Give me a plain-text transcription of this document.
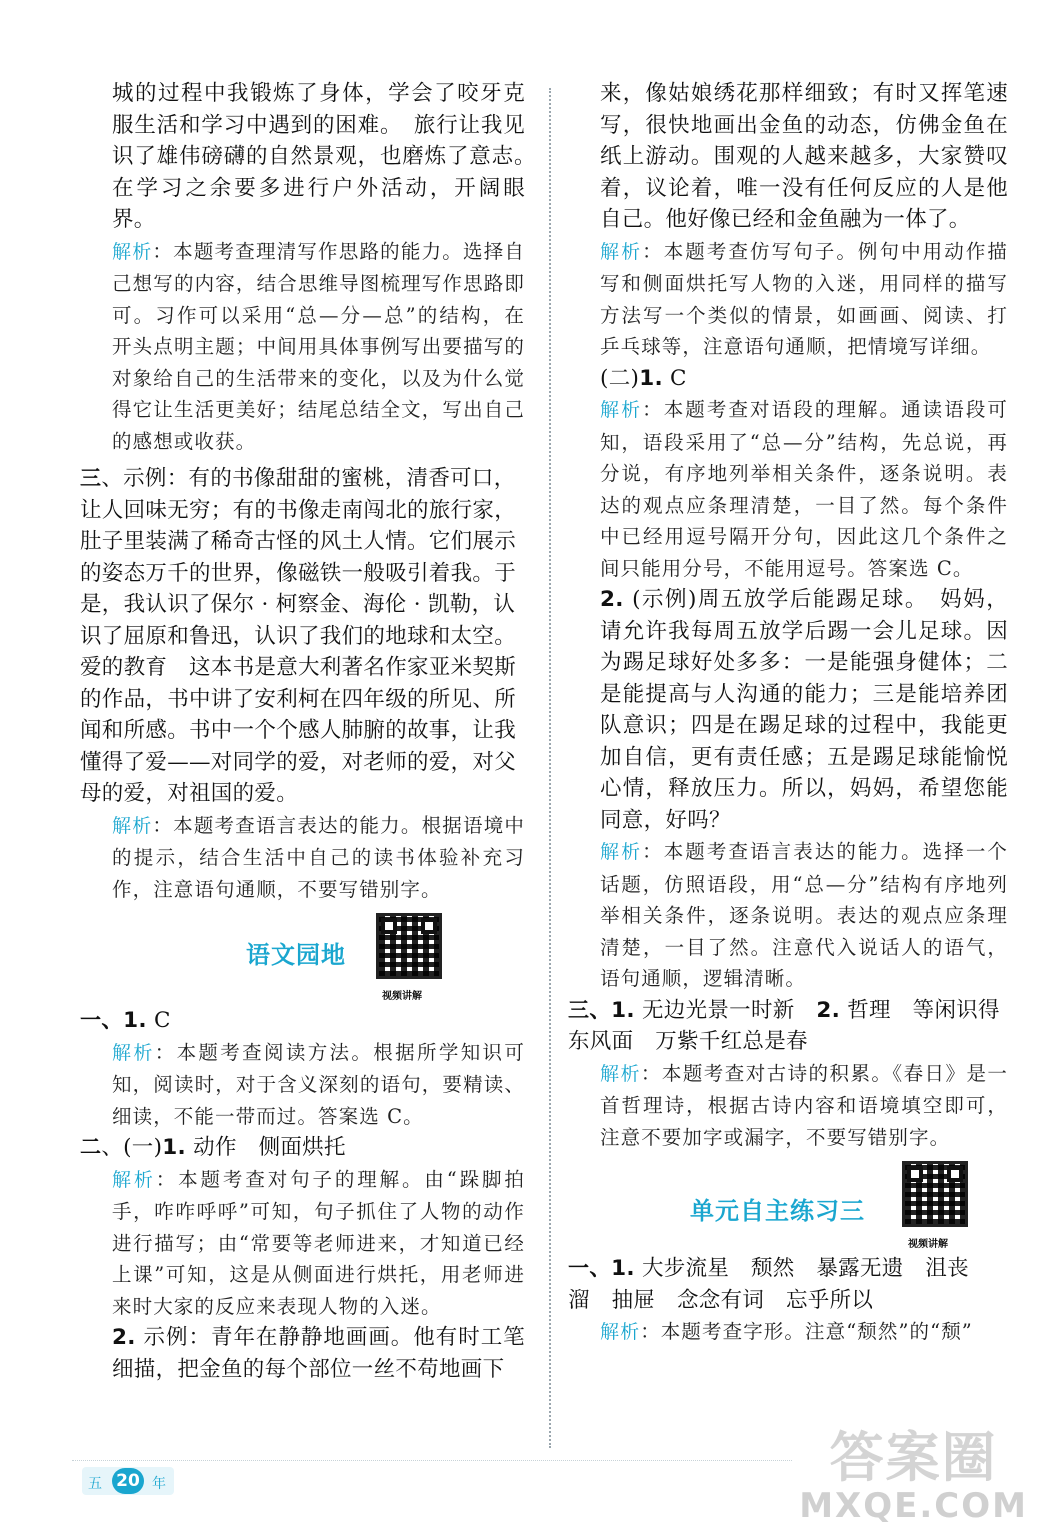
城的过程中我锻炼了身体，学会了咬牙克服生活和学习中遇到的困难。　旅行让我见识了雄伟磅礴的自然景观，也磨炼了意志。　在学习之余要多进行户外活动，开阔眼界。

解析：本题考查理清写作思路的能力。选择自己想写的内容，结合思维导图梳理写作思路即可。习作可以采用“总—分—总”的结构，在开头点明主题；中间用具体事例写出要描写的对象给自己的生活带来的变化，以及为什么觉得它让生活更美好；结尾总结全文，写出自己的感想或收获。

三、示例：有的书像甜甜的蜜桃，清香可口，让人回味无穷；有的书像走南闯北的旅行家，肚子里装满了稀奇古怪的风土人情。它们展示的姿态万千的世界，像磁铁一般吸引着我。于是，我认识了保尔 · 柯察金、海伦 · 凯勒，认识了屈原和鲁迅，认识了我们的地球和太空。　爱的教育　这本书是意大利著名作家亚米契斯的作品，书中讲了安利柯在四年级的所见、所闻和所感。书中一个个感人肺腑的故事，让我懂得了爱——对同学的爱，对老师的爱，对父母的爱，对祖国的爱。

解析：本题考查语言表达的能力。根据语境中的提示，结合生活中自己的读书体验补充习作，注意语句通顺，不要写错别字。

语文园地
视频讲解

一、1. C

解析：本题考查阅读方法。根据所学知识可知，阅读时，对于含义深刻的语句，要精读、细读，不能一带而过。答案选 C。

二、(一)1. 动作　侧面烘托

解析：本题考查对句子的理解。由“跺脚拍手，咋咋呼呼”可知，句子抓住了人物的动作进行描写；由“常要等老师进来，才知道已经上课”可知，这是从侧面进行烘托，用老师进来时大家的反应来表现人物的入迷。

2. 示例：青年在静静地画画。他有时工笔细描，把金鱼的每个部位一丝不苟地画下

来，像姑娘绣花那样细致；有时又挥笔速写，很快地画出金鱼的动态，仿佛金鱼在纸上游动。围观的人越来越多，大家赞叹着，议论着，唯一没有任何反应的人是他自己。他好像已经和金鱼融为一体了。

解析：本题考查仿写句子。例句中用动作描写和侧面烘托写人物的入迷，用同样的描写方法写一个类似的情景，如画画、阅读、打乒乓球等，注意语句通顺，把情境写详细。

(二)1. C

解析：本题考查对语段的理解。通读语段可知，语段采用了“总—分”结构，先总说，再分说，有序地列举相关条件，逐条说明。表达的观点应条理清楚，一目了然。每个条件中已经用逗号隔开分句，因此这几个条件之间只能用分号，不能用逗号。答案选 C。

2. (示例)周五放学后能踢足球。　妈妈，请允许我每周五放学后踢一会儿足球。因为踢足球好处多多：一是能强身健体；二是能提高与人沟通的能力；三是能培养团队意识；四是在踢足球的过程中，我能更加自信，更有责任感；五是踢足球能愉悦心情，释放压力。所以，妈妈，希望您能同意，好吗？

解析：本题考查语言表达的能力。选择一个话题，仿照语段，用“总—分”结构有序地列举相关条件，逐条说明。表达的观点应条理清楚，一目了然。注意代入说话人的语气，语句通顺，逻辑清晰。

三、1. 无边光景一时新　2. 哲理　等闲识得东风面　万紫千红总是春

解析：本题考查对古诗的积累。《春日》是一首哲理诗，根据古诗内容和语境填空即可，注意不要加字或漏字，不要写错别字。

单元自主练习三
视频讲解

一、1. 大步流星　颓然　暴露无遗　沮丧　溜　抽屉　念念有词　忘乎所以

解析：本题考查字形。注意“颓然”的“颓”

五 20 年	答案圈
MXQE.COM
